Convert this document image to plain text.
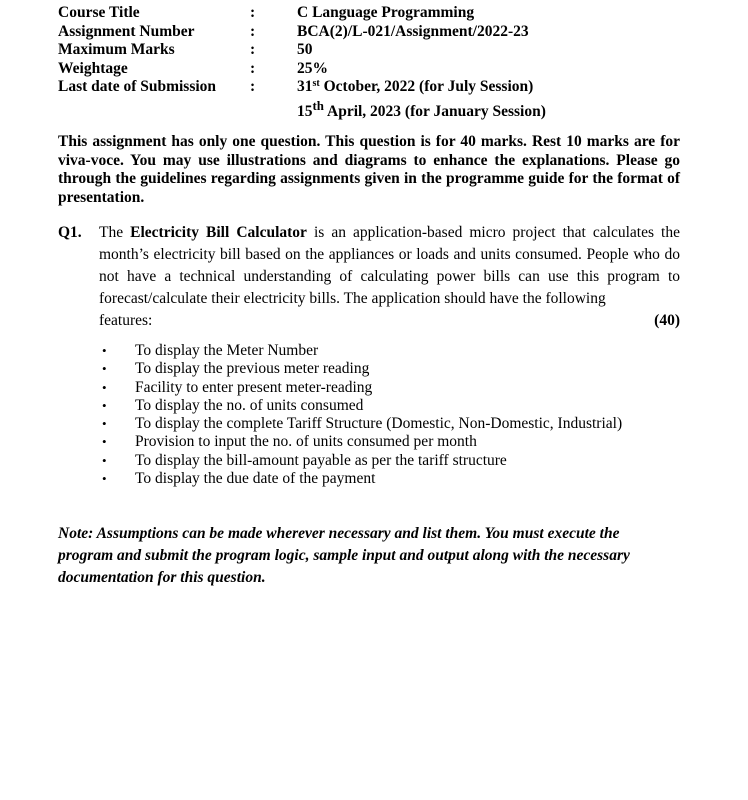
Course Title	:	C Language Programming
Assignment Number	:	BCA(2)/L-021/Assignment/2022-23
Maximum Marks	:	50
Weightage	:	25%
Last date of Submission :	31st October, 2022 (for July Session)
15th April, 2023 (for January Session)
This assignment has only one question. This question is for 40 marks. Rest 10 marks are for viva-voce. You may use illustrations and diagrams to enhance the explanations. Please go through the guidelines regarding assignments given in the programme guide for the format of presentation.
Q1. The Electricity Bill Calculator is an application-based micro project that calculates the month’s electricity bill based on the appliances or loads and units consumed. People who do not have a technical understanding of calculating power bills can use this program to forecast/calculate their electricity bills. The application should have the following
features:	(40)
• To display the Meter Number
• To display the previous meter reading
• Facility to enter present meter-reading
• To display the no. of units consumed
• To display the complete Tariff Structure (Domestic, Non-Domestic, Industrial)
• Provision to input the no. of units consumed per month
• To display the bill-amount payable as per the tariff structure
• To display the due date of the payment
Note: Assumptions can be made wherever necessary and list them. You must execute the program and submit the program logic, sample input and output along with the necessary documentation for this question.
